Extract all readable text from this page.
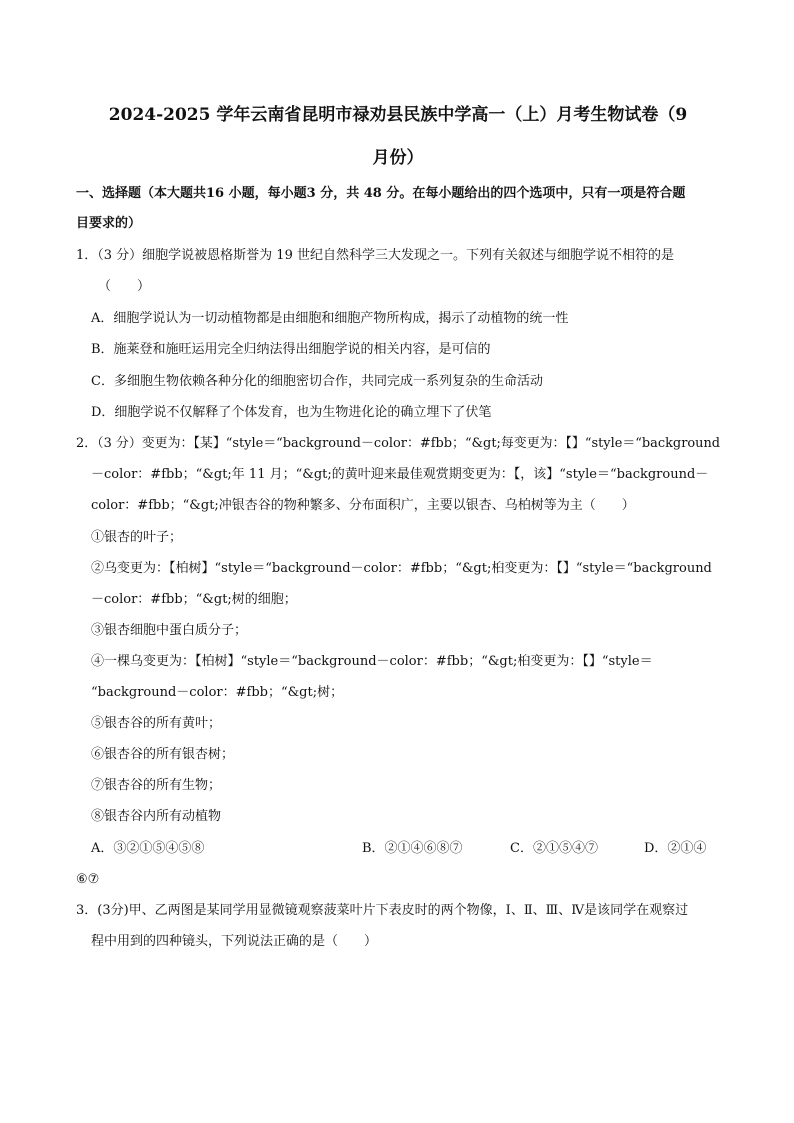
2024-2025 学年云南省昆明市禄劝县民族中学高一（上）月考生物试卷（9
月份）
一、选择题（本大题共16 小题，每小题3 分，共 48 分。在每小题给出的四个选项中，只有一项是符合题
目要求的）
1．（3 分）细胞学说被恩格斯誉为 19 世纪自然科学三大发现之一。下列有关叙述与细胞学说不相符的是
（　　）
A．细胞学说认为一切动植物都是由细胞和细胞产物所构成，揭示了动植物的统一性
B．施莱登和施旺运用完全归纳法得出细胞学说的相关内容，是可信的
C．多细胞生物依赖各种分化的细胞密切合作，共同完成一系列复杂的生命活动
D．细胞学说不仅解释了个体发育，也为生物进化论的确立埋下了伏笔
2．（3 分）变更为：【某】“style＝“background－color：#fbb；“&gt;每变更为：【】“style＝“background
－color：#fbb；“&gt;年 11 月；“&gt;的黄叶迎来最佳观赏期变更为：【，该】“style＝“background－
color：#fbb；“&gt;冲银杏谷的物种繁多、分布面积广，主要以银杏、乌柏树等为主（　　）
①银杏的叶子；
②乌变更为：【柏树】“style＝“background－color：#fbb；“&gt;桕变更为：【】“style＝“background
－color：#fbb；“&gt;树的细胞；
③银杏细胞中蛋白质分子；
④一棵乌变更为：【柏树】“style＝“background－color：#fbb；“&gt;桕变更为：【】“style＝
“background－color：#fbb；“&gt;树；
⑤银杏谷的所有黄叶；
⑥银杏谷的所有银杏树；
⑦银杏谷的所有生物；
⑧银杏谷内所有动植物
A．③②①⑤④⑤⑧	B．②①④⑥⑧⑦	C．②①⑤④⑦	D．②①④
⑥⑦
3．(3分)甲、乙两图是某同学用显微镜观察菠菜叶片下表皮时的两个物像，Ⅰ、Ⅱ、Ⅲ、Ⅳ是该同学在观察过
程中用到的四种镜头，下列说法正确的是（　　）
